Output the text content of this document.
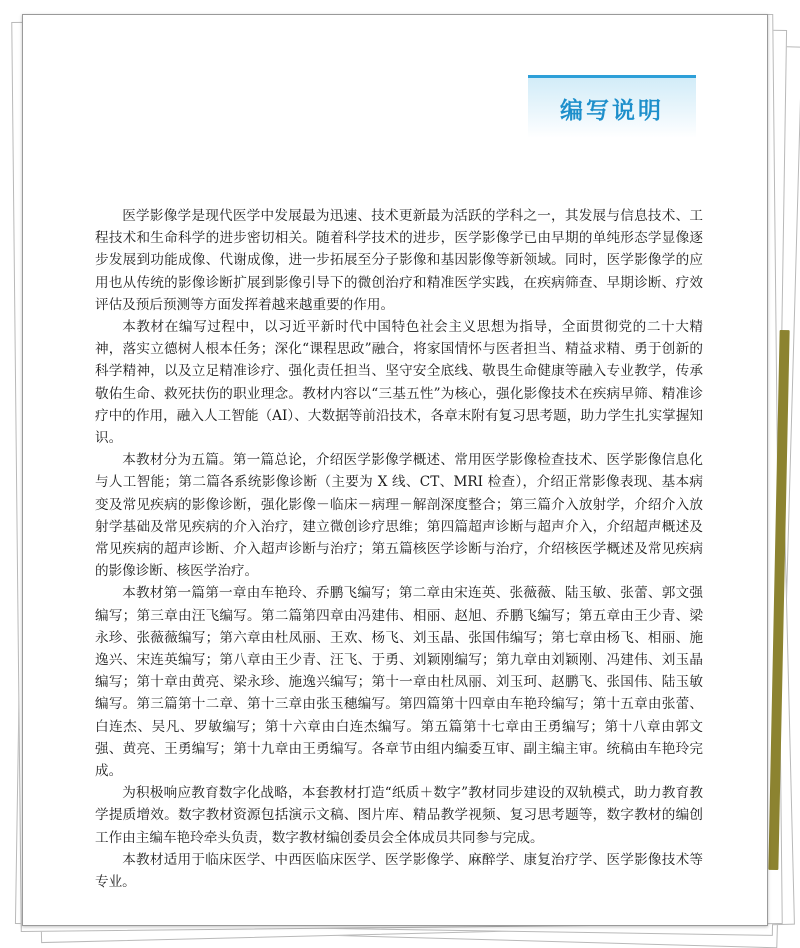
编写说明

医学影像学是现代医学中发展最为迅速、技术更新最为活跃的学科之一，其发展与信息技术、工程技术和生命科学的进步密切相关。随着科学技术的进步，医学影像学已由早期的单纯形态学显像逐步发展到功能成像、代谢成像，进一步拓展至分子影像和基因影像等新领域。同时，医学影像学的应用也从传统的影像诊断扩展到影像引导下的微创治疗和精准医学实践，在疾病筛查、早期诊断、疗效评估及预后预测等方面发挥着越来越重要的作用。

本教材在编写过程中，以习近平新时代中国特色社会主义思想为指导，全面贯彻党的二十大精神，落实立德树人根本任务；深化“课程思政”融合，将家国情怀与医者担当、精益求精、勇于创新的科学精神，以及立足精准诊疗、强化责任担当、坚守安全底线、敬畏生命健康等融入专业教学，传承敬佑生命、救死扶伤的职业理念。教材内容以“三基五性”为核心，强化影像技术在疾病早筛、精准诊疗中的作用，融入人工智能（AI）、大数据等前沿技术，各章末附有复习思考题，助力学生扎实掌握知识。

本教材分为五篇。第一篇总论，介绍医学影像学概述、常用医学影像检查技术、医学影像信息化与人工智能；第二篇各系统影像诊断（主要为 X 线、CT、MRI 检查），介绍正常影像表现、基本病变及常见疾病的影像诊断，强化影像－临床－病理－解剖深度整合；第三篇介入放射学，介绍介入放射学基础及常见疾病的介入治疗，建立微创诊疗思维；第四篇超声诊断与超声介入，介绍超声概述及常见疾病的超声诊断、介入超声诊断与治疗；第五篇核医学诊断与治疗，介绍核医学概述及常见疾病的影像诊断、核医学治疗。

本教材第一篇第一章由车艳玲、乔鹏飞编写；第二章由宋连英、张薇薇、陆玉敏、张蕾、郭文强编写；第三章由汪飞编写。第二篇第四章由冯建伟、相丽、赵旭、乔鹏飞编写；第五章由王少青、梁永珍、张薇薇编写；第六章由杜凤丽、王欢、杨飞、刘玉晶、张国伟编写；第七章由杨飞、相丽、施逸兴、宋连英编写；第八章由王少青、汪飞、于勇、刘颖刚编写；第九章由刘颖刚、冯建伟、刘玉晶编写；第十章由黄亮、梁永珍、施逸兴编写；第十一章由杜凤丽、刘玉珂、赵鹏飞、张国伟、陆玉敏编写。第三篇第十二章、第十三章由张玉穗编写。第四篇第十四章由车艳玲编写；第十五章由张蕾、白连杰、吴凡、罗敏编写；第十六章由白连杰编写。第五篇第十七章由王勇编写；第十八章由郭文强、黄亮、王勇编写；第十九章由王勇编写。各章节由组内编委互审、副主编主审。统稿由车艳玲完成。

为积极响应教育数字化战略，本套教材打造“纸质＋数字”教材同步建设的双轨模式，助力教育教学提质增效。数字教材资源包括演示文稿、图片库、精品教学视频、复习思考题等，数字教材的编创工作由主编车艳玲牵头负责，数字教材编创委员会全体成员共同参与完成。

本教材适用于临床医学、中西医临床医学、医学影像学、麻醉学、康复治疗学、医学影像技术等专业。
